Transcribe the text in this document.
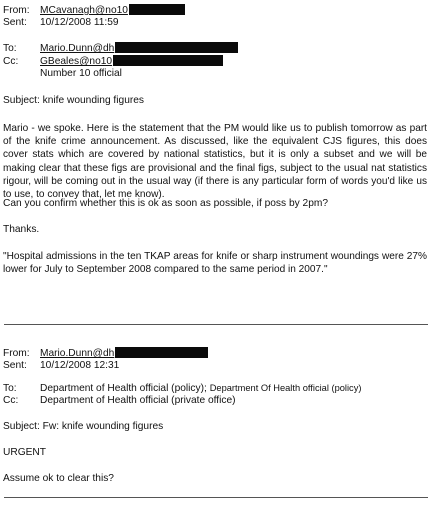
From: MCavanagh@no10
Sent: 10/12/2008 11:59
To: Mario.Dunn@dh
Cc: GBeales@no10
Number 10 official
Subject: knife wounding figures
Mario - we spoke. Here is the statement that the PM would like us to publish tomorrow as part of the knife crime announcement. As discussed, like the equivalent CJS figures, this does cover stats which are covered by national statistics, but it is only a subset and we will be making clear that these figs are provisional and the final figs, subject to the usual nat statistics rigour, will be coming out in the usual way (if there is any particular form of words you'd like us to use, to convey that, let me know).
Can you confirm whether this is ok as soon as possible, if poss by 2pm?
Thanks.
"Hospital admissions in the ten TKAP areas for knife or sharp instrument woundings were 27% lower for July to September 2008 compared to the same period in 2007."
From: Mario.Dunn@dh
Sent: 10/12/2008 12:31
To: Department of Health official (policy); Department Of Health official (policy)
Cc: Department of Health official (private office)
Subject: Fw: knife wounding figures
URGENT
Assume ok to clear this?
